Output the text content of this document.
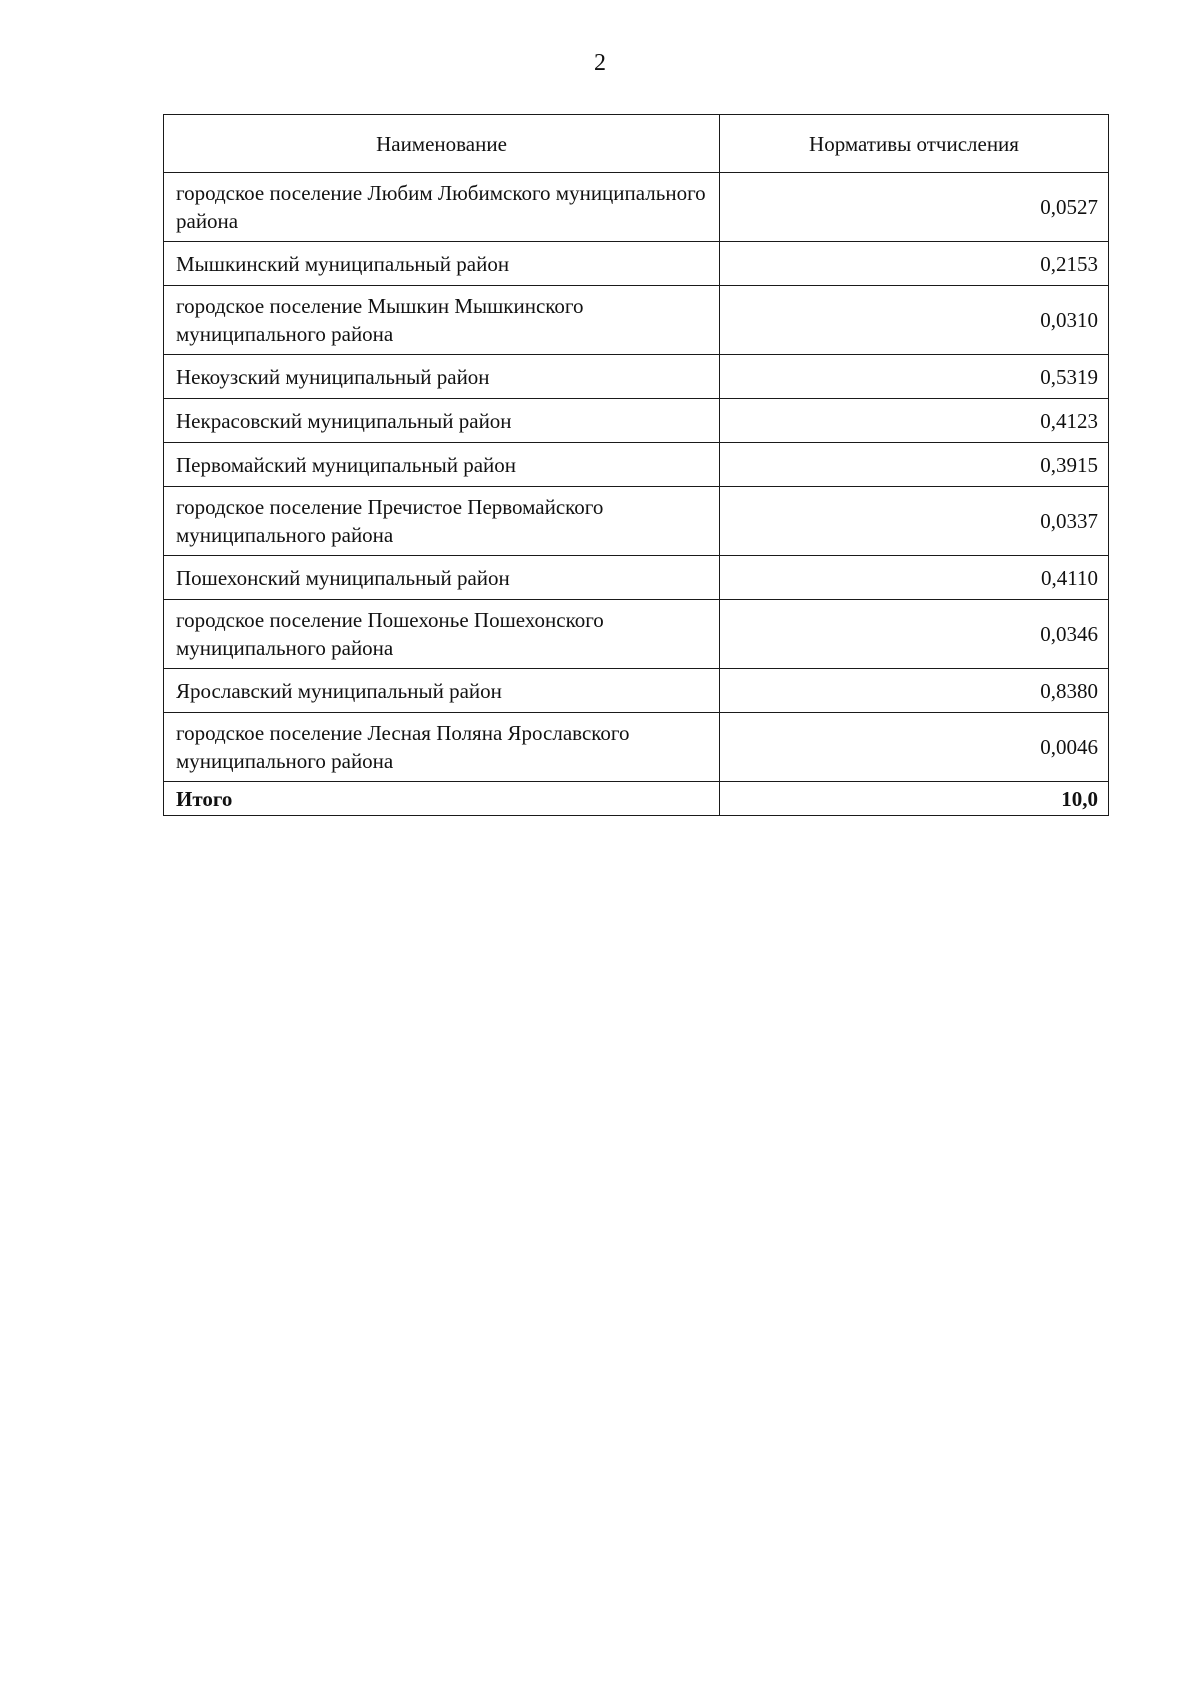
2
Наименование	Нормативы отчисления
городское поселение Любим Любимского муниципального района	0,0527
Мышкинский муниципальный район	0,2153
городское поселение Мышкин Мышкинского муниципального района	0,0310
Некоузский муниципальный район	0,5319
Некрасовский муниципальный район	0,4123
Первомайский муниципальный район	0,3915
городское поселение Пречистое Первомайского муниципального района	0,0337
Пошехонский муниципальный район	0,4110
городское поселение Пошехонье Пошехонского муниципального района	0,0346
Ярославский муниципальный район	0,8380
городское поселение Лесная Поляна Ярославского муниципального района	0,0046
Итого	10,0
